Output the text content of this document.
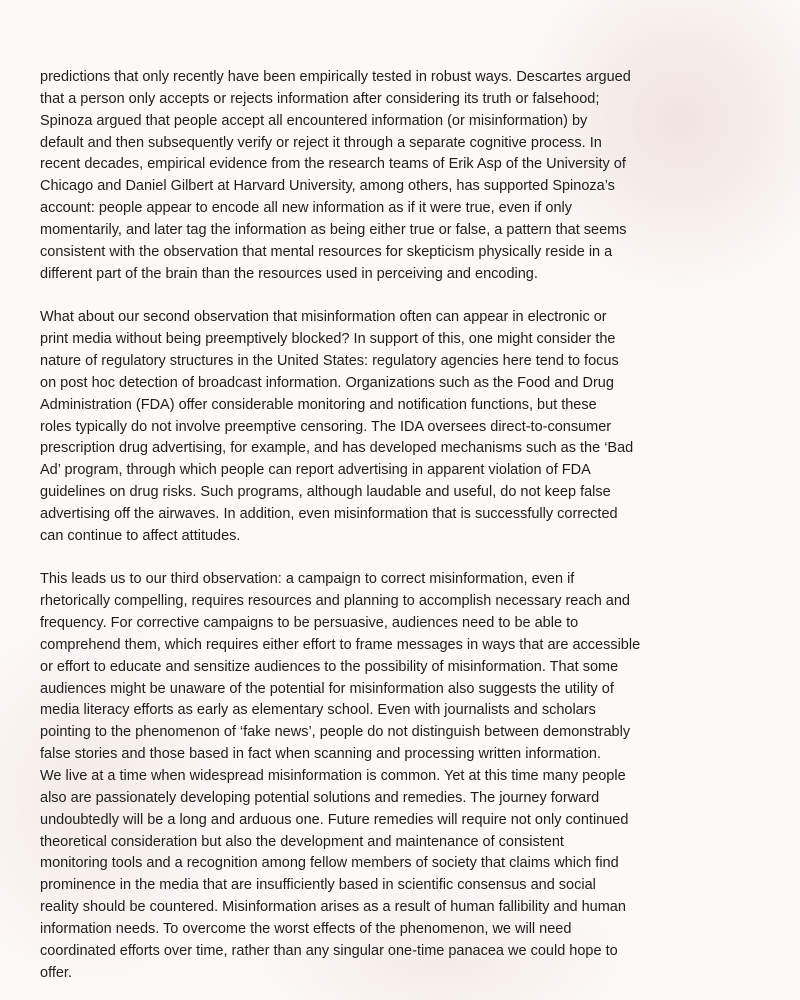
predictions that only recently have been empirically tested in robust ways. Descartes argued
that a person only accepts or rejects information after considering its truth or falsehood;
Spinoza argued that people accept all encountered information (or misinformation) by
default and then subsequently verify or reject it through a separate cognitive process. In
recent decades, empirical evidence from the research teams of Erik Asp of the University of
Chicago and Daniel Gilbert at Harvard University, among others, has supported Spinoza’s
account: people appear to encode all new information as if it were true, even if only
momentarily, and later tag the information as being either true or false, a pattern that seems
consistent with the observation that mental resources for skepticism physically reside in a
different part of the brain than the resources used in perceiving and encoding.
What about our second observation that misinformation often can appear in electronic or
print media without being preemptively blocked? In support of this, one might consider the
nature of regulatory structures in the United States: regulatory agencies here tend to focus
on post hoc detection of broadcast information. Organizations such as the Food and Drug
Administration (FDA) offer considerable monitoring and notification functions, but these
roles typically do not involve preemptive censoring. The IDA oversees direct-to-consumer
prescription drug advertising, for example, and has developed mechanisms such as the ‘Bad
Ad’ program, through which people can report advertising in apparent violation of FDA
guidelines on drug risks. Such programs, although laudable and useful, do not keep false
advertising off the airwaves. In addition, even misinformation that is successfully corrected
can continue to affect attitudes.
This leads us to our third observation: a campaign to correct misinformation, even if
rhetorically compelling, requires resources and planning to accomplish necessary reach and
frequency. For corrective campaigns to be persuasive, audiences need to be able to
comprehend them, which requires either effort to frame messages in ways that are accessible
or effort to educate and sensitize audiences to the possibility of misinformation. That some
audiences might be unaware of the potential for misinformation also suggests the utility of
media literacy efforts as early as elementary school. Even with journalists and scholars
pointing to the phenomenon of ‘fake news’, people do not distinguish between demonstrably
false stories and those based in fact when scanning and processing written information.
We live at a time when widespread misinformation is common. Yet at this time many people
also are passionately developing potential solutions and remedies. The journey forward
undoubtedly will be a long and arduous one. Future remedies will require not only continued
theoretical consideration but also the development and maintenance of consistent
monitoring tools and a recognition among fellow members of society that claims which find
prominence in the media that are insufficiently based in scientific consensus and social
reality should be countered. Misinformation arises as a result of human fallibility and human
information needs. To overcome the worst effects of the phenomenon, we will need
coordinated efforts over time, rather than any singular one-time panacea we could hope to
offer.
